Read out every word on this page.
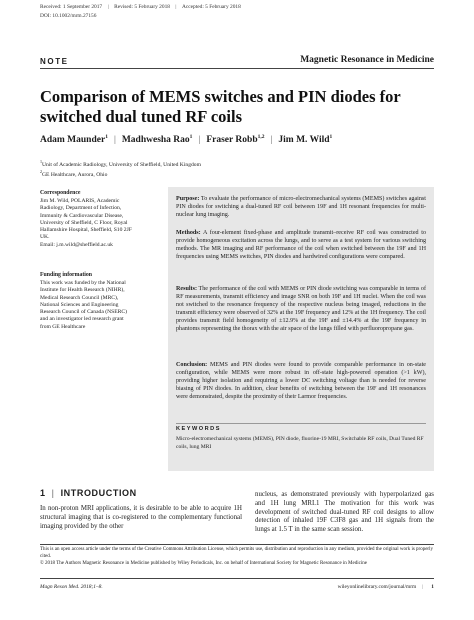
Received: 1 September 2017 | Revised: 5 February 2018 | Accepted: 5 February 2018
DOI: 10.1002/mrm.27156
NOTE	Magnetic Resonance in Medicine
Comparison of MEMS switches and PIN diodes for switched dual tuned RF coils
Adam Maunder$^1$ | Madhwesha Rao$^1$ | Fraser Robb$^{1,2}$ | Jim M. Wild$^1$
$^1$Unit of Academic Radiology, University of Sheffield, United Kingdom
$^2$GE Healthcare, Aurora, Ohio
Correspondence
Jim M. Wild, POLARIS, Academic Radiology, Department of Infection, Immunity & Cardiovascular Disease, University of Sheffield, C Floor, Royal Hallamshire Hospital, Sheffield, S10 2JF UK.
Email: j.m.wild@sheffield.ac.uk
Funding information
This work was funded by the National Institute for Health Research (NIHR), Medical Research Council (MRC), National Sciences and Engineering Research Council of Canada (NSERC) and an investigator led research grant from GE Healthcare
Purpose: To evaluate the performance of micro-electromechanical systems (MEMS) switches against PIN diodes for switching a dual-tuned RF coil between 19F and 1H resonant frequencies for multi-nuclear lung imaging.
Methods: A four-element fixed-phase and amplitude transmit–receive RF coil was constructed to provide homogeneous excitation across the lungs, and to serve as a test system for various switching methods. The MR imaging and RF performance of the coil when switched between the 19F and 1H frequencies using MEMS switches, PIN diodes and hardwired configurations were compared.
Results: The performance of the coil with MEMS or PIN diode switching was comparable in terms of RF measurements, transmit efficiency and image SNR on both 19F and 1H nuclei. When the coil was not switched to the resonance frequency of the respective nucleus being imaged, reductions in the transmit efficiency were observed of 32% at the 19F frequency and 12% at the 1H frequency. The coil provides transmit field homogeneity of ±12.9% at the 19F and ±14.4% at the 19F frequency in phantoms representing the thorax with the air space of the lungs filled with perfluoropropane gas.
Conclusion: MEMS and PIN diodes were found to provide comparable performance in on-state configuration, while MEMS were more robust in off-state high-powered operation (>1 kW), providing higher isolation and requiring a lower DC switching voltage than is needed for reverse biasing of PIN diodes. In addition, clear benefits of switching between the 19F and 1H resonances were demonstrated, despite the proximity of their Larmor frequencies.
KEYWORDS
Micro-electromechanical systems (MEMS), PIN diode, fluorine-19 MRI, Switchable RF coils, Dual Tuned RF coils, lung MRI
1 | INTRODUCTION
In non-proton MRI applications, it is desirable to be able to acquire 1H structural imaging that is co-registered to the complementary functional imaging provided by the other
nucleus, as demonstrated previously with hyperpolarized gas and 1H lung MRI.1 The motivation for this work was development of switched dual-tuned RF coil designs to allow detection of inhaled 19F C3F8 gas and 1H signals from the lungs at 1.5 T in the same scan session.
This is an open access article under the terms of the Creative Commons Attribution License, which permits use, distribution and reproduction in any medium, provided the original work is properly cited.
© 2018 The Authors Magnetic Resonance in Medicine published by Wiley Periodicals, Inc. on behalf of International Society for Magnetic Resonance in Medicine
Magn Reson Med. 2018;1–8.	wileyonlinelibrary.com/journal/mrm | 1
